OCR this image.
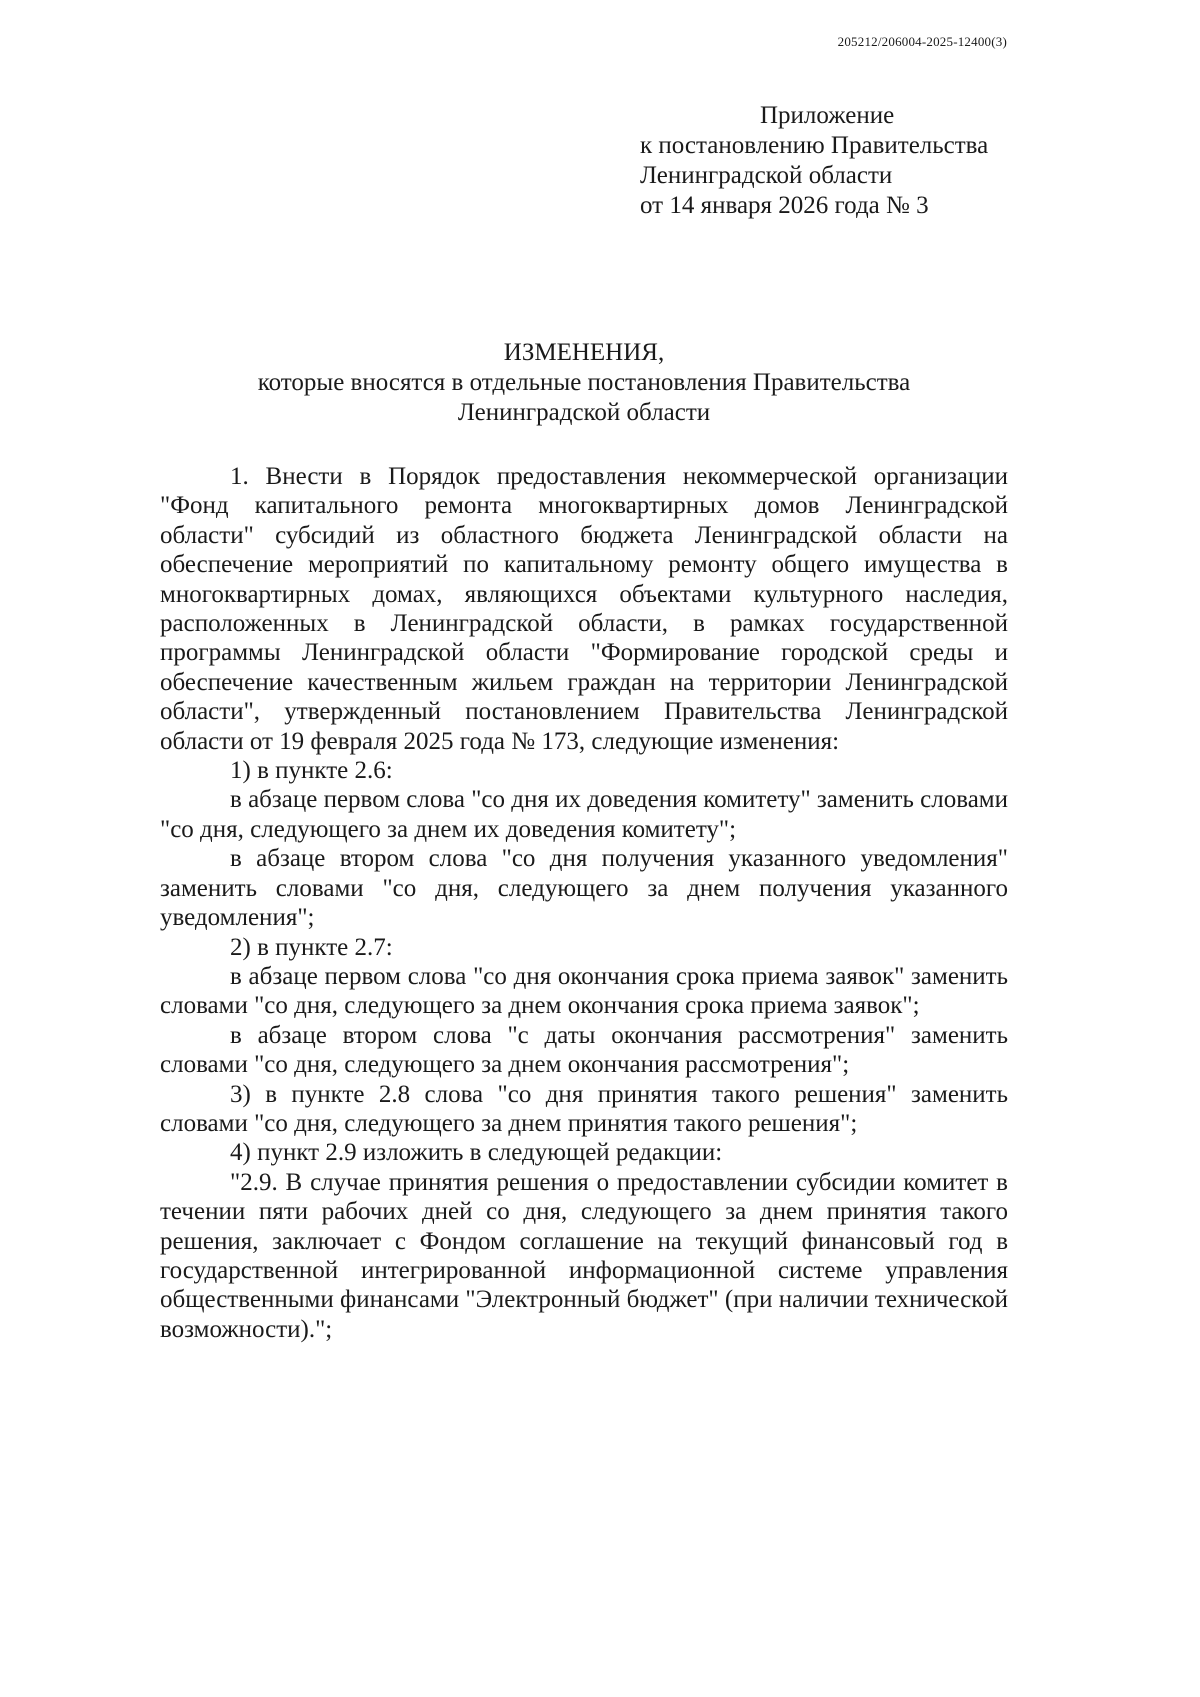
205212/206004-2025-12400(3)
Приложение
к постановлению Правительства
Ленинградской области
от 14 января 2026 года № 3
ИЗМЕНЕНИЯ,
которые вносятся в отдельные постановления Правительства
Ленинградской области

1. Внести в Порядок предоставления некоммерческой организации "Фонд капитального ремонта многоквартирных домов Ленинградской области" субсидий из областного бюджета Ленинградской области на обеспечение мероприятий по капитальному ремонту общего имущества в многоквартирных домах, являющихся объектами культурного наследия, расположенных в Ленинградской области, в рамках государственной программы Ленинградской области "Формирование городской среды и обеспечение качественным жильем граждан на территории Ленинградской области", утвержденный постановлением Правительства Ленинградской области от 19 февраля 2025 года № 173, следующие изменения:

1) в пункте 2.6:

в абзаце первом слова "со дня их доведения комитету" заменить словами "со дня, следующего за днем их доведения комитету";

в абзаце втором слова "со дня получения указанного уведомления" заменить словами "со дня, следующего за днем получения указанного уведомления";

2) в пункте 2.7:

в абзаце первом слова "со дня окончания срока приема заявок" заменить словами "со дня, следующего за днем окончания срока приема заявок";

в абзаце втором слова "с даты окончания рассмотрения" заменить словами "со дня, следующего за днем окончания рассмотрения";

3) в пункте 2.8 слова "со дня принятия такого решения" заменить словами "со дня, следующего за днем принятия такого решения";

4) пункт 2.9 изложить в следующей редакции:

"2.9. В случае принятия решения о предоставлении субсидии комитет в течении пяти рабочих дней со дня, следующего за днем принятия такого решения, заключает с Фондом соглашение на текущий финансовый год в государственной интегрированной информационной системе управления общественными финансами "Электронный бюджет" (при наличии технической возможности).";
